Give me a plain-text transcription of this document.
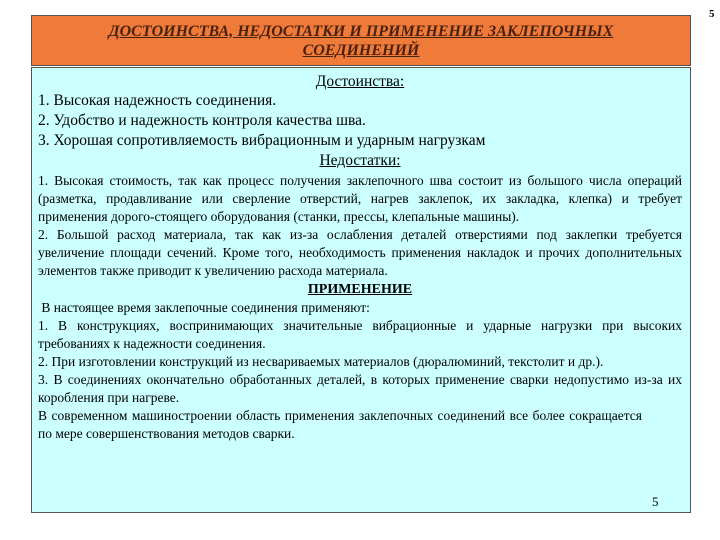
5
ДОСТОИНСТВА, НЕДОСТАТКИ И ПРИМЕНЕНИЕ ЗАКЛЕПОЧНЫХ
СОЕДИНЕНИЙ

Достоинства:

1. Высокая надежность соединения.

2. Удобство и надежность контроля качества шва.

3. Хорошая сопротивляемость вибрационным и ударным нагрузкам

Недостатки:

1. Высокая стоимость, так как процесс получения заклепочного шва состоит из большого числа операций (разметка, продавливание или сверление отверстий, нагрев заклепок, их закладка, клепка) и требует применения дорого-стоящего оборудования (станки, прессы, клепальные машины).

2. Большой расход материала, так как из-за ослабления деталей отверстиями под заклепки требуется увеличение площади сечений. Кроме того, необходимость применения накладок и прочих дополнительных элементов также приводит к увеличению расхода материала.

ПРИМЕНЕНИЕ

В настоящее время заклепочные соединения применяют:

1. В конструкциях, воспринимающих значительные вибрационные и ударные нагрузки при высоких требованиях к надежности соединения.

2. При изготовлении конструкций из несвариваемых материалов (дюралюминий, текстолит и др.).

3. В соединениях окончательно обработанных деталей, в которых применение сварки недопустимо из-за их коробления при нагреве.

В современном машиностроении область применения заклепочных соединений все более сокращается по мере совершенствования методов сварки.

5
